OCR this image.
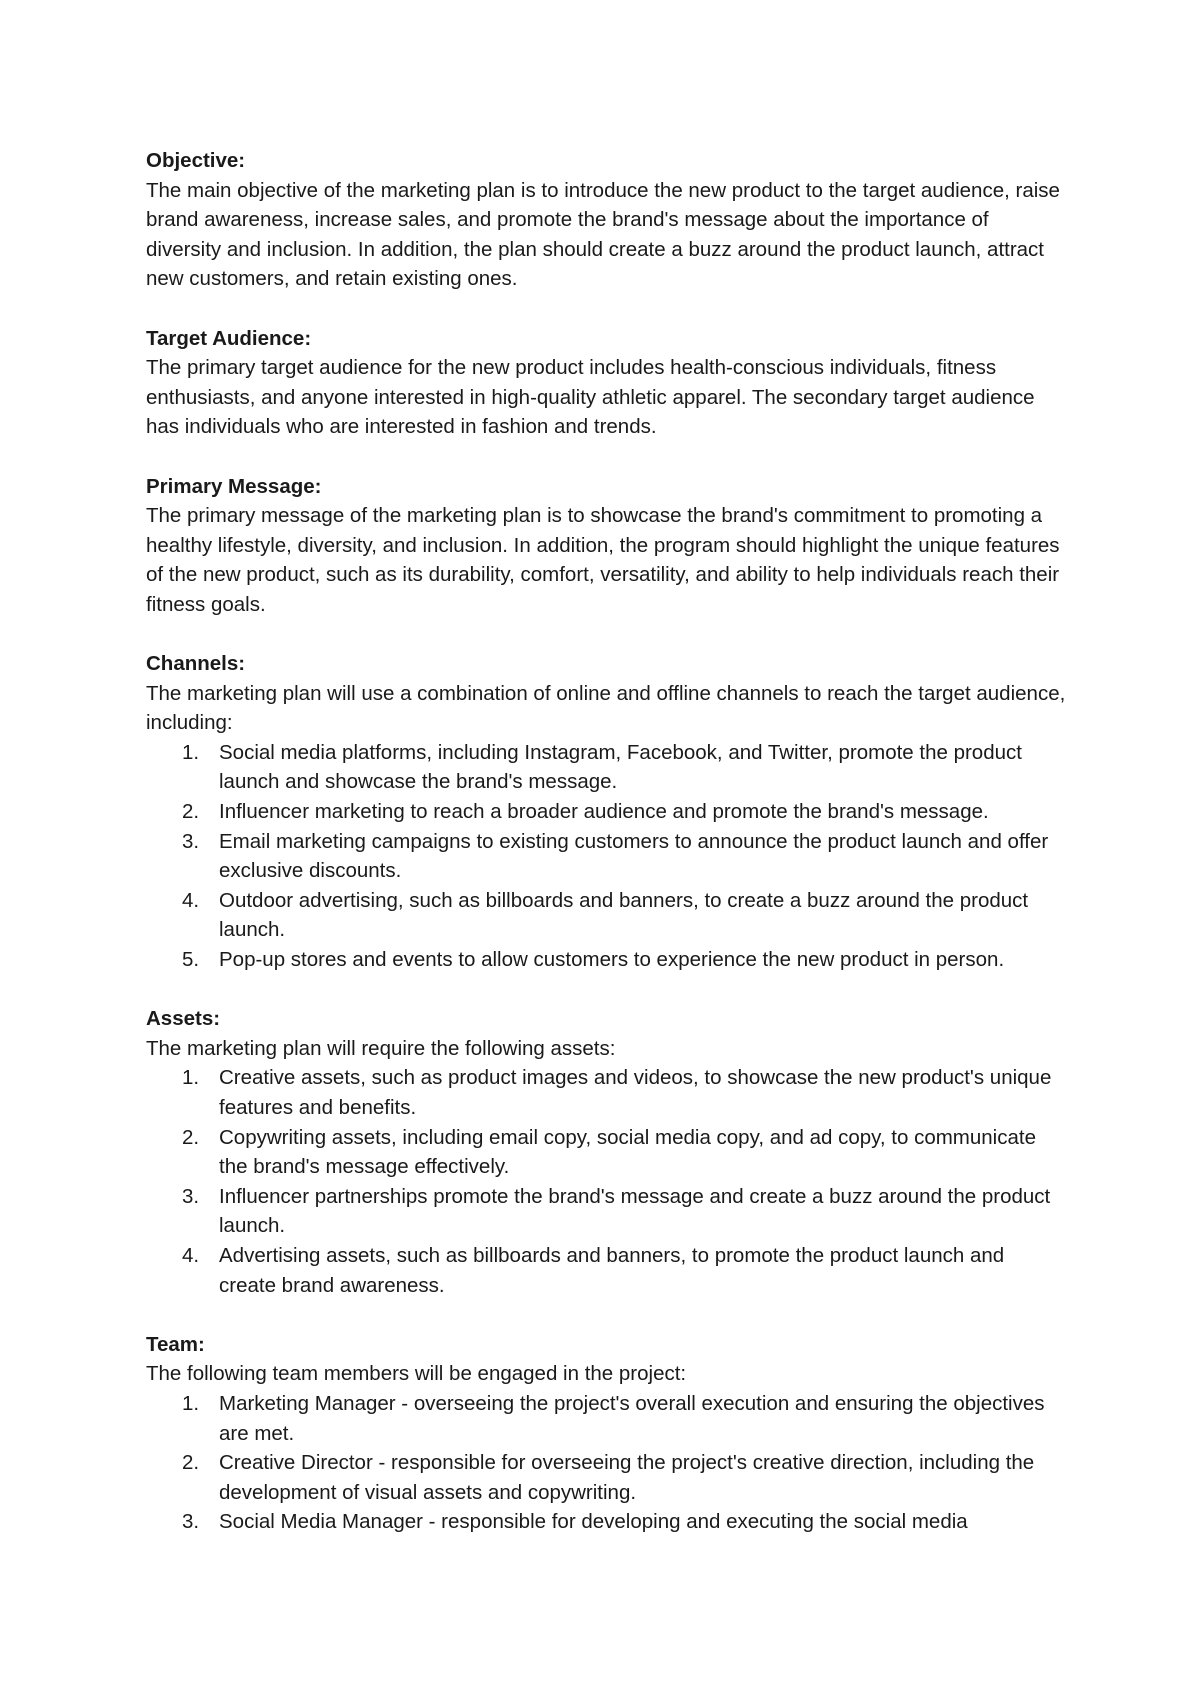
Objective:

The main objective of the marketing plan is to introduce the new product to the target audience, raise brand awareness, increase sales, and promote the brand's message about the importance of diversity and inclusion. In addition, the plan should create a buzz around the product launch, attract new customers, and retain existing ones.

Target Audience:

The primary target audience for the new product includes health-conscious individuals, fitness enthusiasts, and anyone interested in high-quality athletic apparel. The secondary target audience has individuals who are interested in fashion and trends.

Primary Message:

The primary message of the marketing plan is to showcase the brand's commitment to promoting a healthy lifestyle, diversity, and inclusion. In addition, the program should highlight the unique features of the new product, such as its durability, comfort, versatility, and ability to help individuals reach their fitness goals.

Channels:

The marketing plan will use a combination of online and offline channels to reach the target audience, including:

1. Social media platforms, including Instagram, Facebook, and Twitter, promote the product launch and showcase the brand's message.
2. Influencer marketing to reach a broader audience and promote the brand's message.
3. Email marketing campaigns to existing customers to announce the product launch and offer exclusive discounts.
4. Outdoor advertising, such as billboards and banners, to create a buzz around the product launch.
5. Pop-up stores and events to allow customers to experience the new product in person.

Assets:

The marketing plan will require the following assets:

1. Creative assets, such as product images and videos, to showcase the new product's unique features and benefits.
2. Copywriting assets, including email copy, social media copy, and ad copy, to communicate the brand's message effectively.
3. Influencer partnerships promote the brand's message and create a buzz around the product launch.
4. Advertising assets, such as billboards and banners, to promote the product launch and create brand awareness.

Team:

The following team members will be engaged in the project:

1. Marketing Manager - overseeing the project's overall execution and ensuring the objectives are met.
2. Creative Director - responsible for overseeing the project's creative direction, including the development of visual assets and copywriting.
3. Social Media Manager - responsible for developing and executing the social media
